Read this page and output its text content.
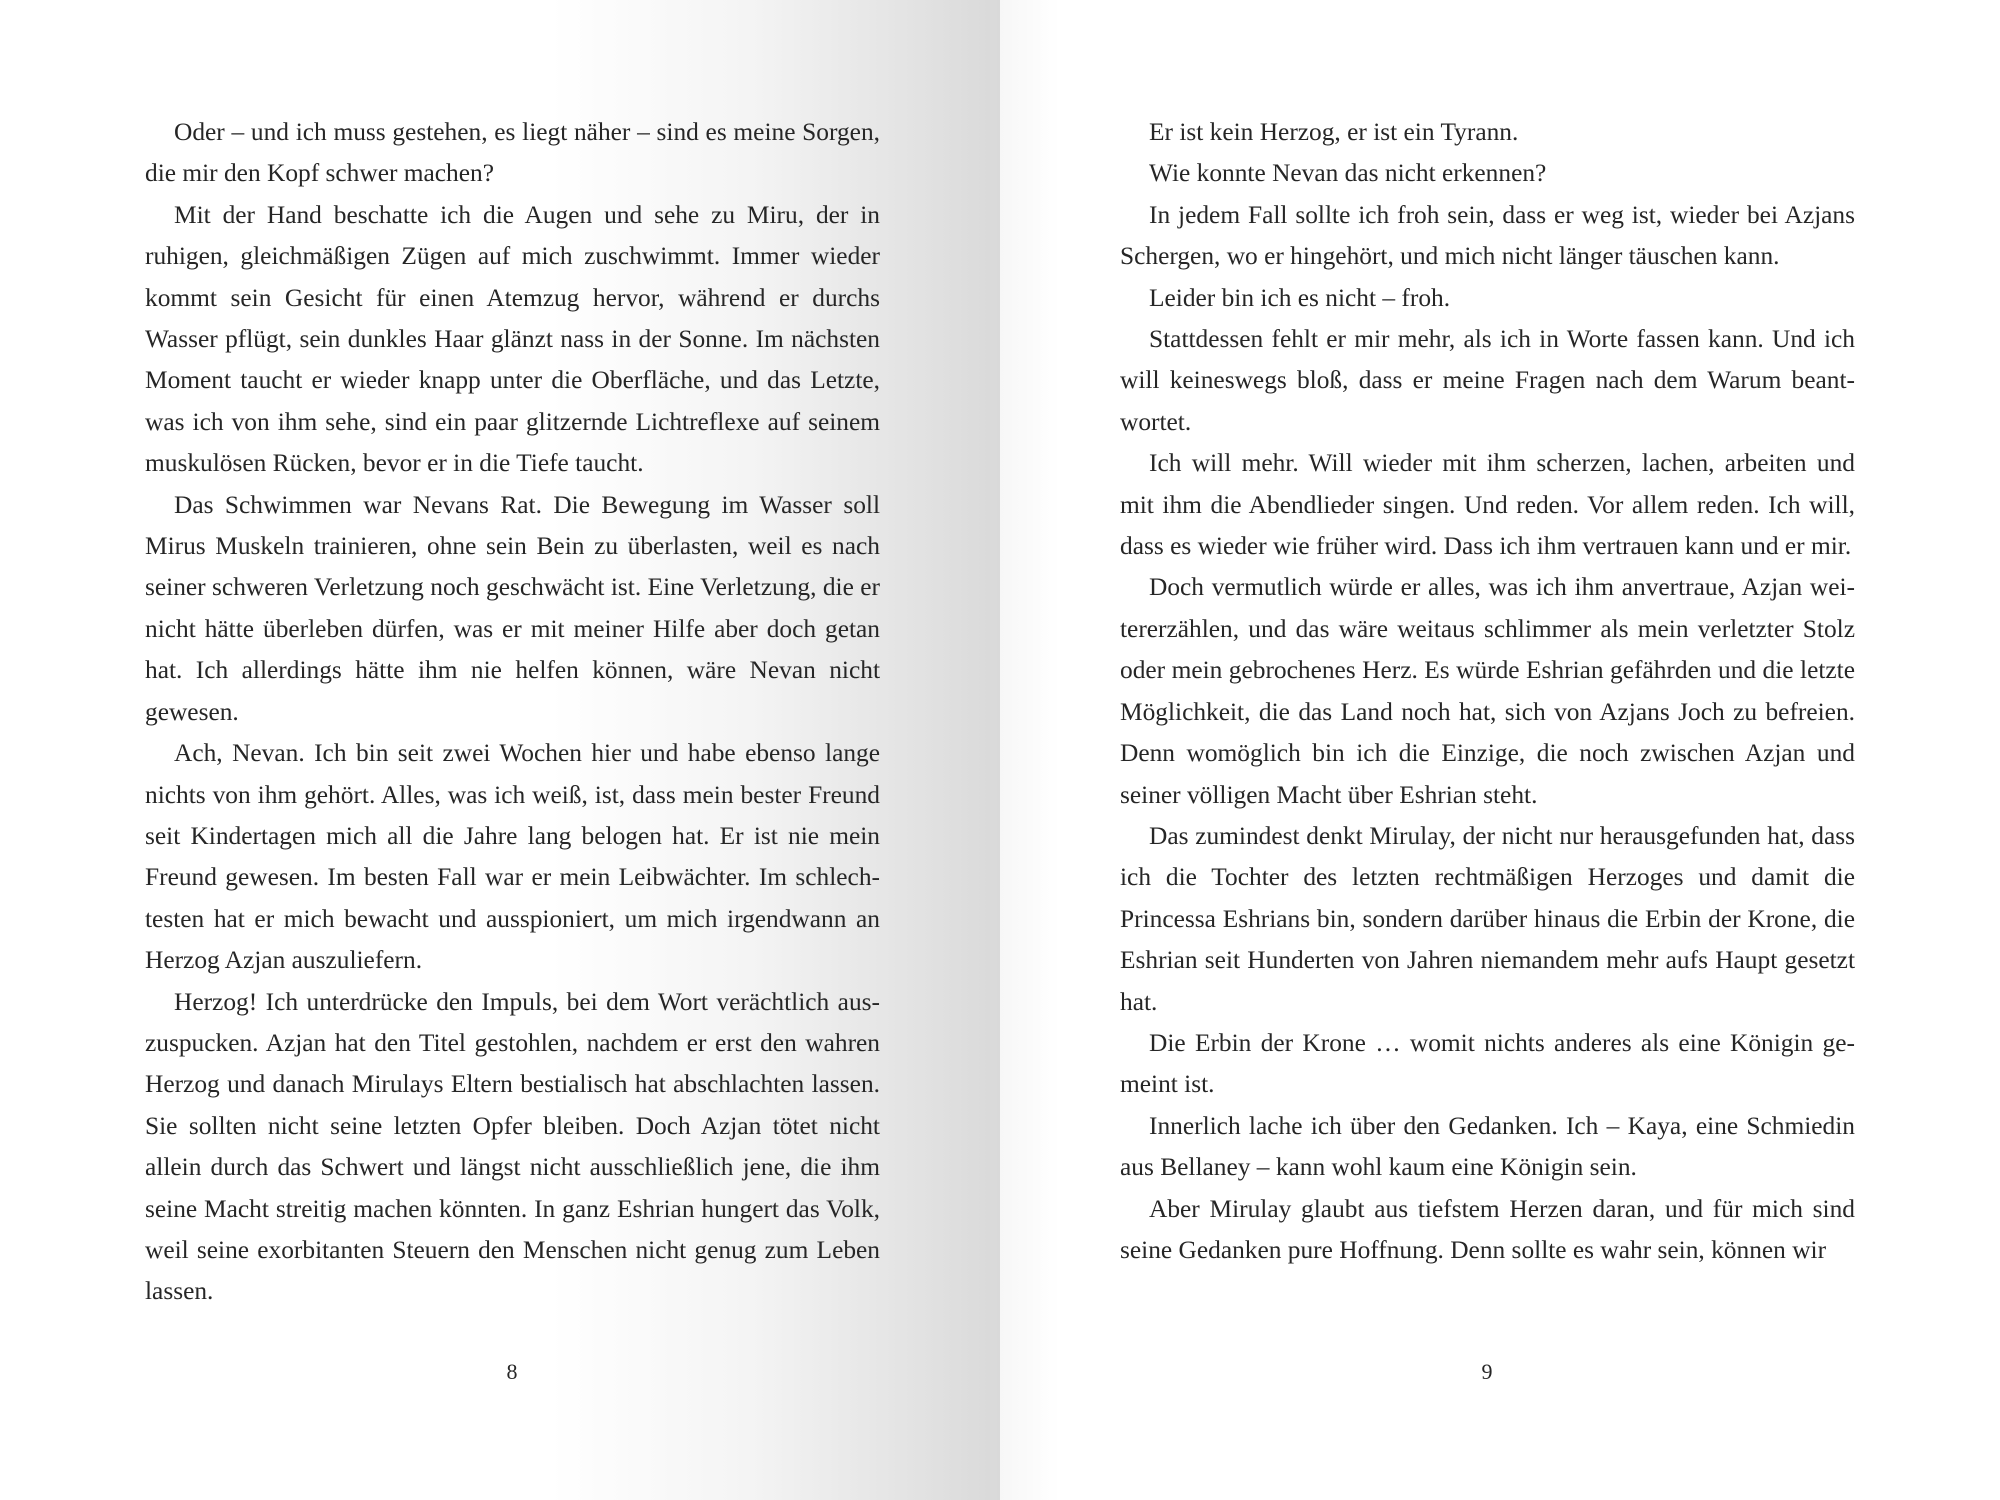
Oder – und ich muss gestehen, es liegt näher – sind es meine Sorgen, die mir den Kopf schwer machen?

Mit der Hand beschatte ich die Augen und sehe zu Miru, der in ruhigen, gleichmäßigen Zügen auf mich zuschwimmt. Immer wieder kommt sein Gesicht für einen Atemzug hervor, während er durchs Wasser pflügt, sein dunkles Haar glänzt nass in der Sonne. Im nächsten Moment taucht er wieder knapp unter die Oberfläche, und das Letzte, was ich von ihm sehe, sind ein paar glitzernde Lichtreflexe auf seinem muskulösen Rücken, bevor er in die Tiefe taucht.

Das Schwimmen war Nevans Rat. Die Bewegung im Wasser soll Mirus Muskeln trainieren, ohne sein Bein zu überlasten, weil es nach seiner schweren Verletzung noch geschwächt ist. Eine Verletzung, die er nicht hätte überleben dürfen, was er mit meiner Hilfe aber doch getan hat. Ich allerdings hätte ihm nie helfen können, wäre Nevan nicht gewesen.

Ach, Nevan. Ich bin seit zwei Wochen hier und habe ebenso lange nichts von ihm gehört. Alles, was ich weiß, ist, dass mein bester Freund seit Kindertagen mich all die Jahre lang belogen hat. Er ist nie mein Freund gewesen. Im besten Fall war er mein Leibwächter. Im schlechtesten hat er mich bewacht und ausspioniert, um mich irgendwann an Herzog Azjan auszuliefern.

Herzog! Ich unterdrücke den Impuls, bei dem Wort verächtlich auszuspucken. Azjan hat den Titel gestohlen, nachdem er erst den wahren Herzog und danach Mirulays Eltern bestialisch hat abschlachten lassen. Sie sollten nicht seine letzten Opfer bleiben. Doch Azjan tötet nicht allein durch das Schwert und längst nicht ausschließlich jene, die ihm seine Macht streitig machen könnten. In ganz Eshrian hungert das Volk, weil seine exorbitanten Steuern den Menschen nicht genug zum Leben lassen.

8

Er ist kein Herzog, er ist ein Tyrann.

Wie konnte Nevan das nicht erkennen?

In jedem Fall sollte ich froh sein, dass er weg ist, wieder bei Azjans Schergen, wo er hingehört, und mich nicht länger täuschen kann.

Leider bin ich es nicht – froh.

Stattdessen fehlt er mir mehr, als ich in Worte fassen kann. Und ich will keineswegs bloß, dass er meine Fragen nach dem Warum beantwortet.

Ich will mehr. Will wieder mit ihm scherzen, lachen, arbeiten und mit ihm die Abendlieder singen. Und reden. Vor allem reden. Ich will, dass es wieder wie früher wird. Dass ich ihm vertrauen kann und er mir.

Doch vermutlich würde er alles, was ich ihm anvertraue, Azjan weitererzählen, und das wäre weitaus schlimmer als mein verletzter Stolz oder mein gebrochenes Herz. Es würde Eshrian gefährden und die letzte Möglichkeit, die das Land noch hat, sich von Azjans Joch zu befreien. Denn womöglich bin ich die Einzige, die noch zwischen Azjan und seiner völligen Macht über Eshrian steht.

Das zumindest denkt Mirulay, der nicht nur herausgefunden hat, dass ich die Tochter des letzten rechtmäßigen Herzoges und damit die Princessa Eshrians bin, sondern darüber hinaus die Erbin der Krone, die Eshrian seit Hunderten von Jahren niemandem mehr aufs Haupt gesetzt hat.

Die Erbin der Krone … womit nichts anderes als eine Königin gemeint ist.

Innerlich lache ich über den Gedanken. Ich – Kaya, eine Schmiedin aus Bellaney – kann wohl kaum eine Königin sein.

Aber Mirulay glaubt aus tiefstem Herzen daran, und für mich sind seine Gedanken pure Hoffnung. Denn sollte es wahr sein, können wir

9
